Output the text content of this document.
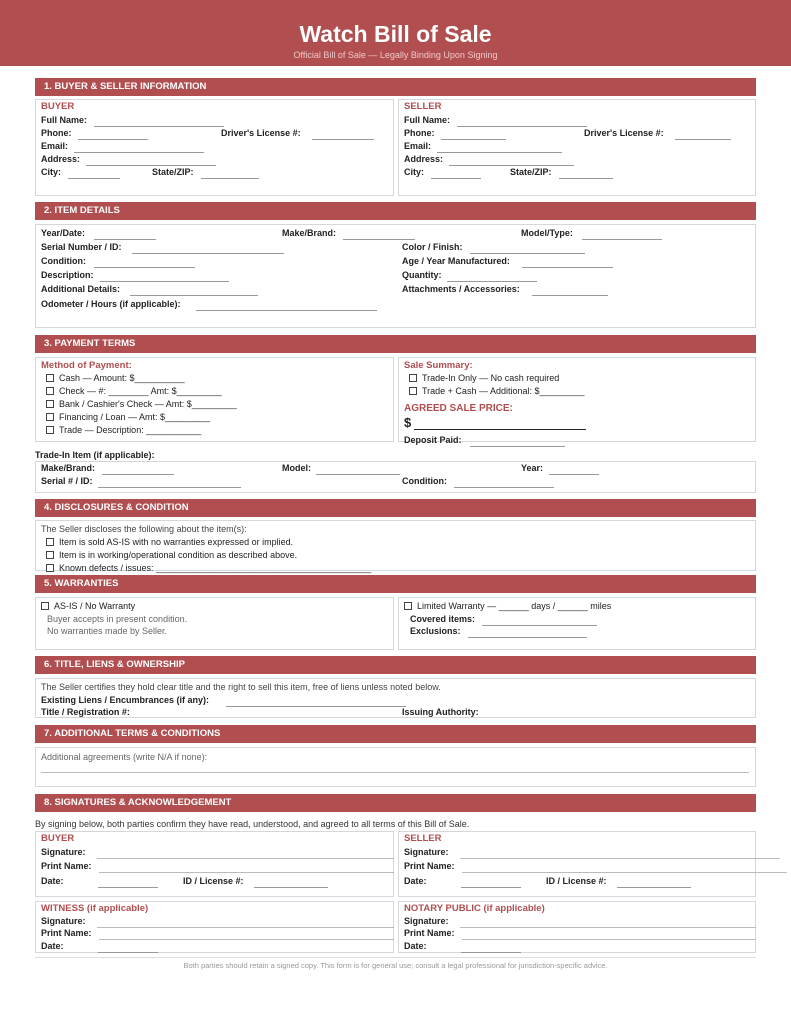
Watch Bill of Sale
Official Bill of Sale — Legally Binding Upon Signing
1. BUYER & SELLER INFORMATION
BUYER
Full Name:
Phone:	Driver's License #:
Email:
Address:
City:	State/ZIP:
SELLER
Full Name:
Phone:	Driver's License #:
Email:
Address:
City:	State/ZIP:
2. ITEM DETAILS
Year/Date:	Make/Brand:	Model/Type:
Serial Number / ID:	Color / Finish:
Condition:	Age / Year Manufactured:
Description:	Quantity:
Additional Details:	Attachments / Accessories:
Odometer / Hours (if applicable):
3. PAYMENT TERMS
Method of Payment:
Cash — Amount: $__________
Check — #: ________ Amt: $_________
Bank / Cashier's Check — Amt: $_________
Financing / Loan — Amt: $_________
Trade — Description: ___________
Sale Summary:
Trade-In Only — No cash required
Trade + Cash — Additional: $_________
AGREED SALE PRICE:
$
Deposit Paid:
Trade-In Item (if applicable):
Make/Brand:	Model:	Year:
Serial # / ID:	Condition:
4. DISCLOSURES & CONDITION
The Seller discloses the following about the item(s):
Item is sold AS-IS with no warranties expressed or implied.
Item is in working/operational condition as described above.
Known defects / issues: ___________________________________________
5. WARRANTIES
AS-IS / No Warranty
Buyer accepts in present condition.
No warranties made by Seller.
Limited Warranty — ______ days / ______ miles
Covered items:
Exclusions:
6. TITLE, LIENS & OWNERSHIP
The Seller certifies they hold clear title and the right to sell this item, free of liens unless noted below.
Existing Liens / Encumbrances (if any):
Title / Registration #:	Issuing Authority:
7. ADDITIONAL TERMS & CONDITIONS
Additional agreements (write N/A if none):
8. SIGNATURES & ACKNOWLEDGEMENT
By signing below, both parties confirm they have read, understood, and agreed to all terms of this Bill of Sale.
BUYER
Signature:
Print Name:
Date:	ID / License #:
SELLER
Signature:
Print Name:
Date:	ID / License #:
WITNESS (if applicable)
Signature:
Print Name:
Date:
NOTARY PUBLIC (if applicable)
Signature:
Print Name:
Date:
Both parties should retain a signed copy. This form is for general use; consult a legal professional for jurisdiction-specific advice.
